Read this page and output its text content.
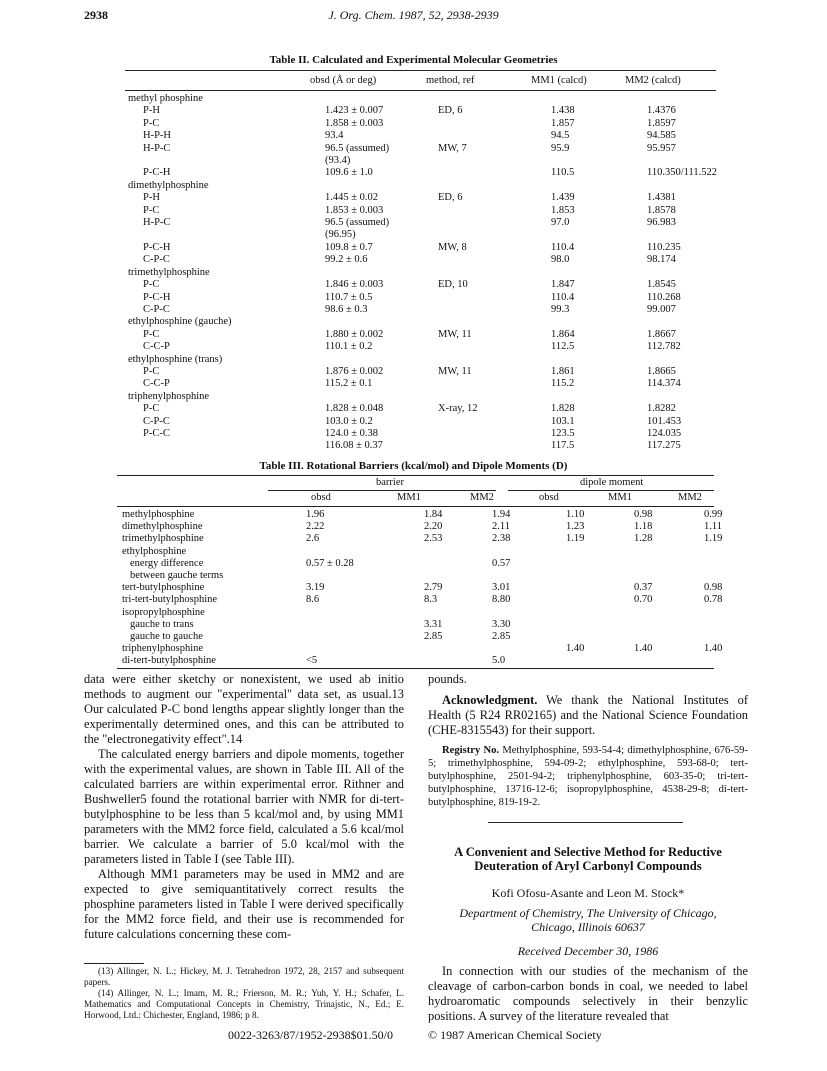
2938	J. Org. Chem. 1987, 52, 2938-2939
Table II. Calculated and Experimental Molecular Geometries
obsd (Å or deg)	method, ref	MM1 (calcd)	MM2 (calcd)
methyl phosphine				
P-H	1.423 ± 0.007	ED, 6	1.438	1.4376
P-C	1.858 ± 0.003		1.857	1.8597
H-P-H	93.4		94.5	94.585
H-P-C	96.5 (assumed)	MW, 7	95.9	95.957
	(93.4)			
P-C-H	109.6 ± 1.0		110.5	110.350/111.522
dimethylphosphine				
P-H	1.445 ± 0.02	ED, 6	1.439	1.4381
P-C	1.853 ± 0.003		1.853	1.8578
H-P-C	96.5 (assumed)		97.0	96.983
	(96.95)			
P-C-H	109.8 ± 0.7	MW, 8	110.4	110.235
C-P-C	99.2 ± 0.6		98.0	98.174
trimethylphosphine				
P-C	1.846 ± 0.003	ED, 10	1.847	1.8545
P-C-H	110.7 ± 0.5		110.4	110.268
C-P-C	98.6 ± 0.3		99.3	99.007
ethylphosphine (gauche)				
P-C	1.880 ± 0.002	MW, 11	1.864	1.8667
C-C-P	110.1 ± 0.2		112.5	112.782
ethylphosphine (trans)				
P-C	1.876 ± 0.002	MW, 11	1.861	1.8665
C-C-P	115.2 ± 0.1		115.2	114.374
triphenylphosphine				
P-C	1.828 ± 0.048	X-ray, 12	1.828	1.8282
C-P-C	103.0 ± 0.2		103.1	101.453
P-C-C	124.0 ± 0.38		123.5	124.035
	116.08 ± 0.37		117.5	117.275
Table III. Rotational Barriers (kcal/mol) and Dipole Moments (D)
barrier	dipole moment
obsd	MM1	MM2	obsd	MM1	MM2
methylphosphine	1.96	1.84	1.94	1.10	0.98	0.99
dimethylphosphine	2.22	2.20	2.11	1.23	1.18	1.11
trimethylphosphine	2.6	2.53	2.38	1.19	1.28	1.19
ethylphosphine						
energy difference	0.57 ± 0.28		0.57			
between gauche terms						
tert-butylphosphine	3.19	2.79	3.01		0.37	0.98
tri-tert-butylphosphine	8.6	8.3	8.80		0.70	0.78
isopropylphosphine						
gauche to trans		3.31	3.30			
gauche to gauche		2.85	2.85			
triphenylphosphine				1.40	1.40	1.40
di-tert-butylphosphine	<5		5.0			

data were either sketchy or nonexistent, we used ab initio methods to augment our "experimental" data set, as usual.13 Our calculated P-C bond lengths appear slightly longer than the experimentally determined ones, and this can be attributed to the "electronegativity effect".14

The calculated energy barriers and dipole moments, together with the experimental values, are shown in Table III. All of the calculated barriers are within experimental error. Rithner and Bushweller5 found the rotational barrier with NMR for di-tert-butylphosphine to be less than 5 kcal/mol and, by using MM1 parameters with the MM2 force field, calculated a 5.6 kcal/mol barrier. We calculate a barrier of 5.0 kcal/mol with the parameters listed in Table I (see Table III).

Although MM1 parameters may be used in MM2 and are expected to give semiquantitatively correct results the phosphine parameters listed in Table I were derived specifically for the MM2 force field, and their use is recommended for future calculations concerning these com-

(13) Allinger, N. L.; Hickey, M. J. Tetrahedron 1972, 28, 2157 and subsequent papers.

(14) Allinger, N. L.; Imam, M. R.; Frierson, M. R.; Yuh, Y. H.; Schafer, L. Mathematics and Computational Concepts in Chemistry, Trinajstic, N., Ed.; E. Horwood, Ltd.: Chichester, England, 1986; p 8.

pounds.

Acknowledgment. We thank the National Institutes of Health (5 R24 RR02165) and the National Science Foundation (CHE-8315543) for their support.

Registry No. Methylphosphine, 593-54-4; dimethylphosphine, 676-59-5; trimethylphosphine, 594-09-2; ethylphosphine, 593-68-0; tert-butylphosphine, 2501-94-2; triphenylphosphine, 603-35-0; tri-tert-butylphosphine, 13716-12-6; isopropylphosphine, 4538-29-8; di-tert-butylphosphine, 819-19-2.

A Convenient and Selective Method for Reductive Deuteration of Aryl Carbonyl Compounds
Kofi Ofosu-Asante and Leon M. Stock*
Department of Chemistry, The University of Chicago, Chicago, Illinois 60637
Received December 30, 1986

In connection with our studies of the mechanism of the cleavage of carbon-carbon bonds in coal, we needed to label hydroaromatic compounds selectively in their benzylic positions. A survey of the literature revealed that

0022-3263/87/1952-2938$01.50/0	© 1987 American Chemical Society
